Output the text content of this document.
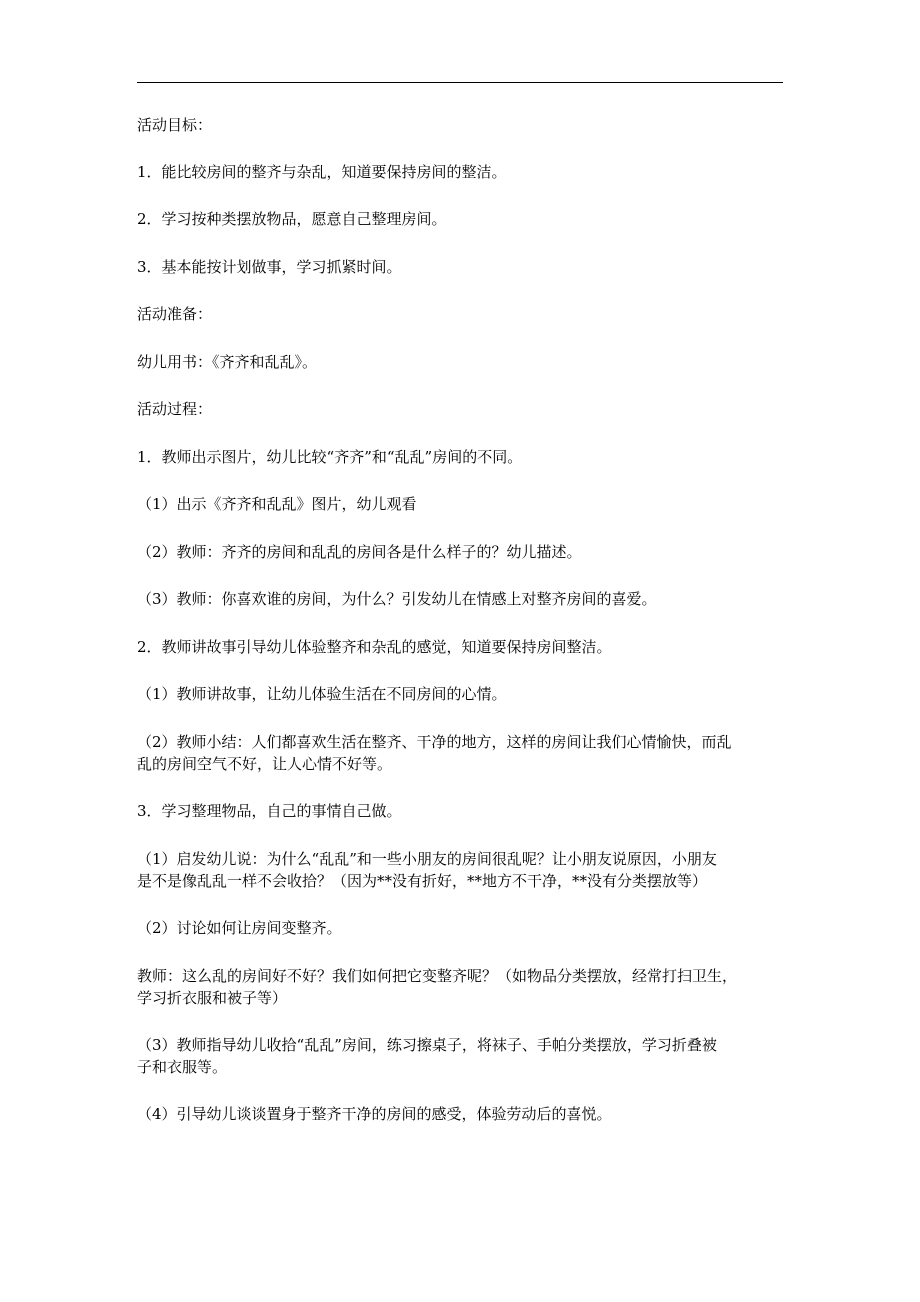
活动目标：
1．能比较房间的整齐与杂乱，知道要保持房间的整洁。
2．学习按种类摆放物品，愿意自己整理房间。
3．基本能按计划做事，学习抓紧时间。
活动准备：
幼儿用书：《齐齐和乱乱》。
活动过程：
1．教师出示图片，幼儿比较“齐齐”和“乱乱”房间的不同。
（1）出示《齐齐和乱乱》图片，幼儿观看
（2）教师：齐齐的房间和乱乱的房间各是什么样子的？幼儿描述。
（3）教师：你喜欢谁的房间，为什么？引发幼儿在情感上对整齐房间的喜爱。
2．教师讲故事引导幼儿体验整齐和杂乱的感觉，知道要保持房间整洁。
（1）教师讲故事，让幼儿体验生活在不同房间的心情。
（2）教师小结：人们都喜欢生活在整齐、干净的地方，这样的房间让我们心情愉快，而乱
乱的房间空气不好，让人心情不好等。
3．学习整理物品，自己的事情自己做。
（1）启发幼儿说：为什么“乱乱”和一些小朋友的房间很乱呢？让小朋友说原因，小朋友
是不是像乱乱一样不会收拾？（因为**没有折好，**地方不干净，**没有分类摆放等）
（2）讨论如何让房间变整齐。
教师：这么乱的房间好不好？我们如何把它变整齐呢？（如物品分类摆放，经常打扫卫生，
学习折衣服和被子等）
（3）教师指导幼儿收拾“乱乱”房间，练习擦桌子，将袜子、手帕分类摆放，学习折叠被
子和衣服等。
（4）引导幼儿谈谈置身于整齐干净的房间的感受，体验劳动后的喜悦。
